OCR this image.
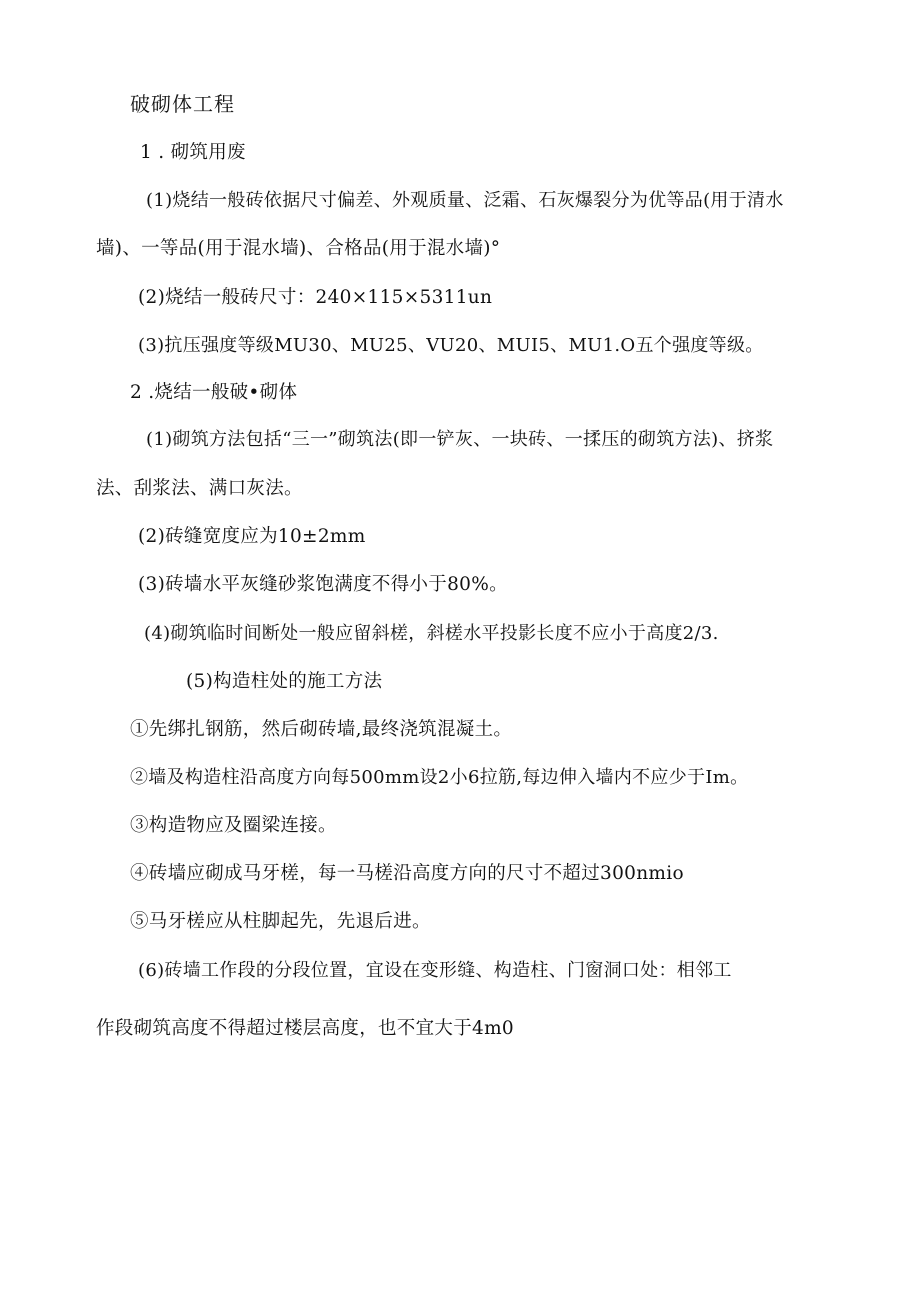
破砌体工程
1 . 砌筑用废
(1)烧结一般砖依据尺寸偏差、外观质量、泛霜、石灰爆裂分为优等品(用于清水
墙)、一等品(用于混水墙)、合格品(用于混水墙)°
(2)烧结一般砖尺寸：240×115×5311un
(3)抗压强度等级MU30、MU25、VU20、MUI5、MU1.O五个强度等级。
2 .烧结一般破•砌体
(1)砌筑方法包括“三一”砌筑法(即一铲灰、一块砖、一揉压的砌筑方法)、挤浆
法、刮浆法、满口灰法。
(2)砖缝宽度应为10±2mm
(3)砖墙水平灰缝砂浆饱满度不得小于80%。
(4)砌筑临时间断处一般应留斜槎，斜槎水平投影长度不应小于高度2/3.
(5)构造柱处的施工方法
①先绑扎钢筋，然后砌砖墙,最终浇筑混凝土。
②墙及构造柱沿高度方向每500mm设2小6拉筋,每边伸入墙内不应少于Im。
③构造物应及圈梁连接。
④砖墙应砌成马牙槎，每一马槎沿高度方向的尺寸不超过300nmio
⑤马牙槎应从柱脚起先，先退后进。
(6)砖墙工作段的分段位置，宜设在变形缝、构造柱、门窗洞口处：相邻工
作段砌筑高度不得超过楼层高度，也不宜大于4m0
